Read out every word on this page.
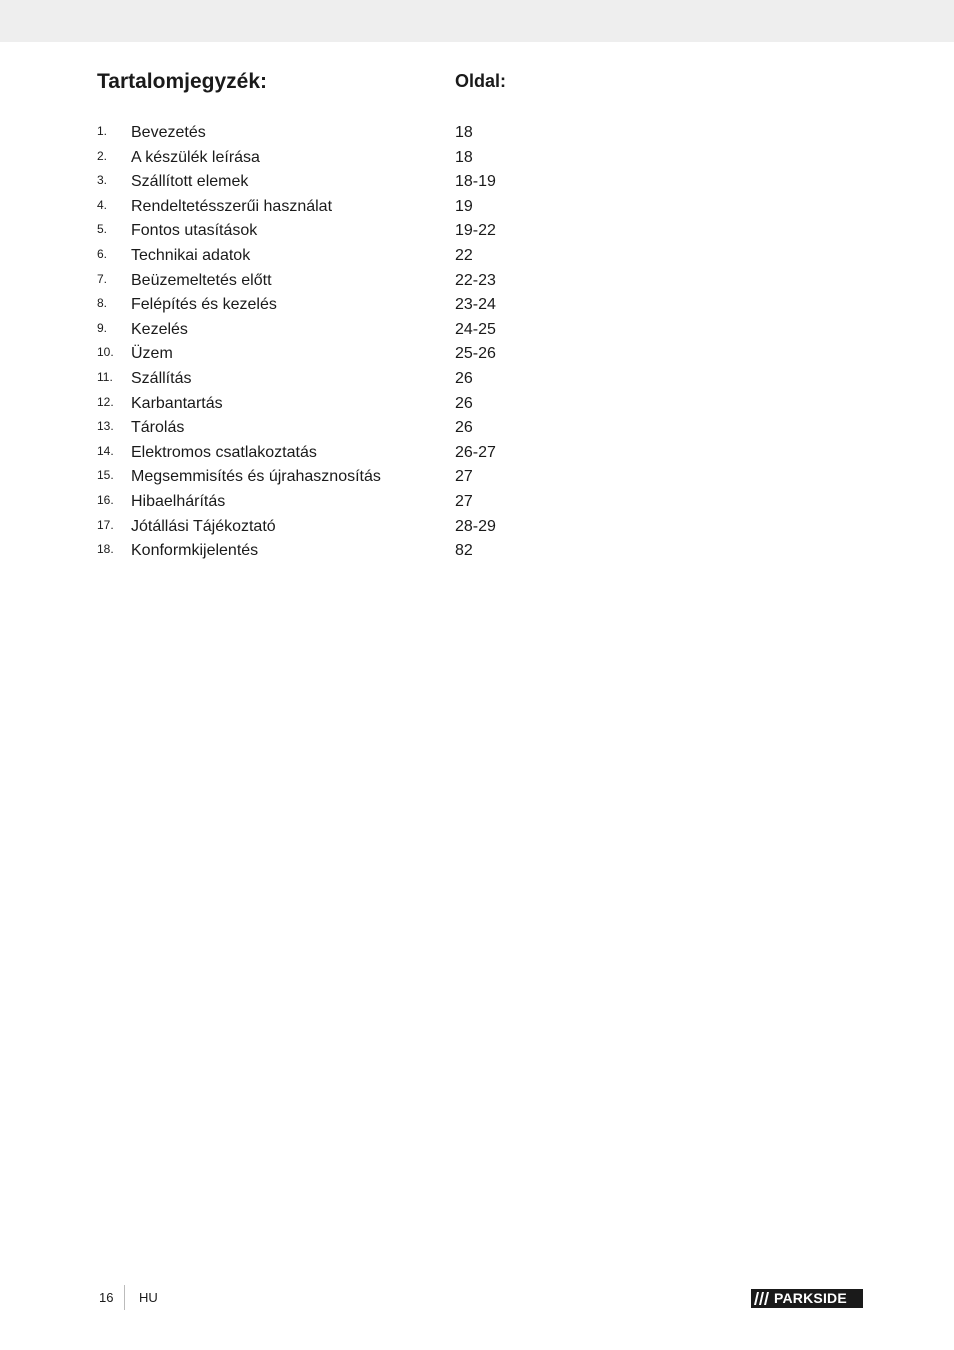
Tartalomjegyzék:	Oldal:
1. Bevezetés	18
2. A készülék leírása	18
3. Szállított elemek	18-19
4. Rendeltetésszerűi használat	19
5. Fontos utasítások	19-22
6. Technikai adatok	22
7. Beüzemeltetés előtt	22-23
8. Felépítés és kezelés	23-24
9. Kezelés	24-25
10. Üzem	25-26
11. Szállítás	26
12. Karbantartás	26
13. Tárolás	26
14. Elektromos csatlakoztatás	26-27
15. Megsemmisítés és újrahasznosítás	27
16. Hibaelhárítás	27
17. Jótállási Tájékoztató	28-29
18. Konformkijelentés	82
16 HU	PARKSIDE
